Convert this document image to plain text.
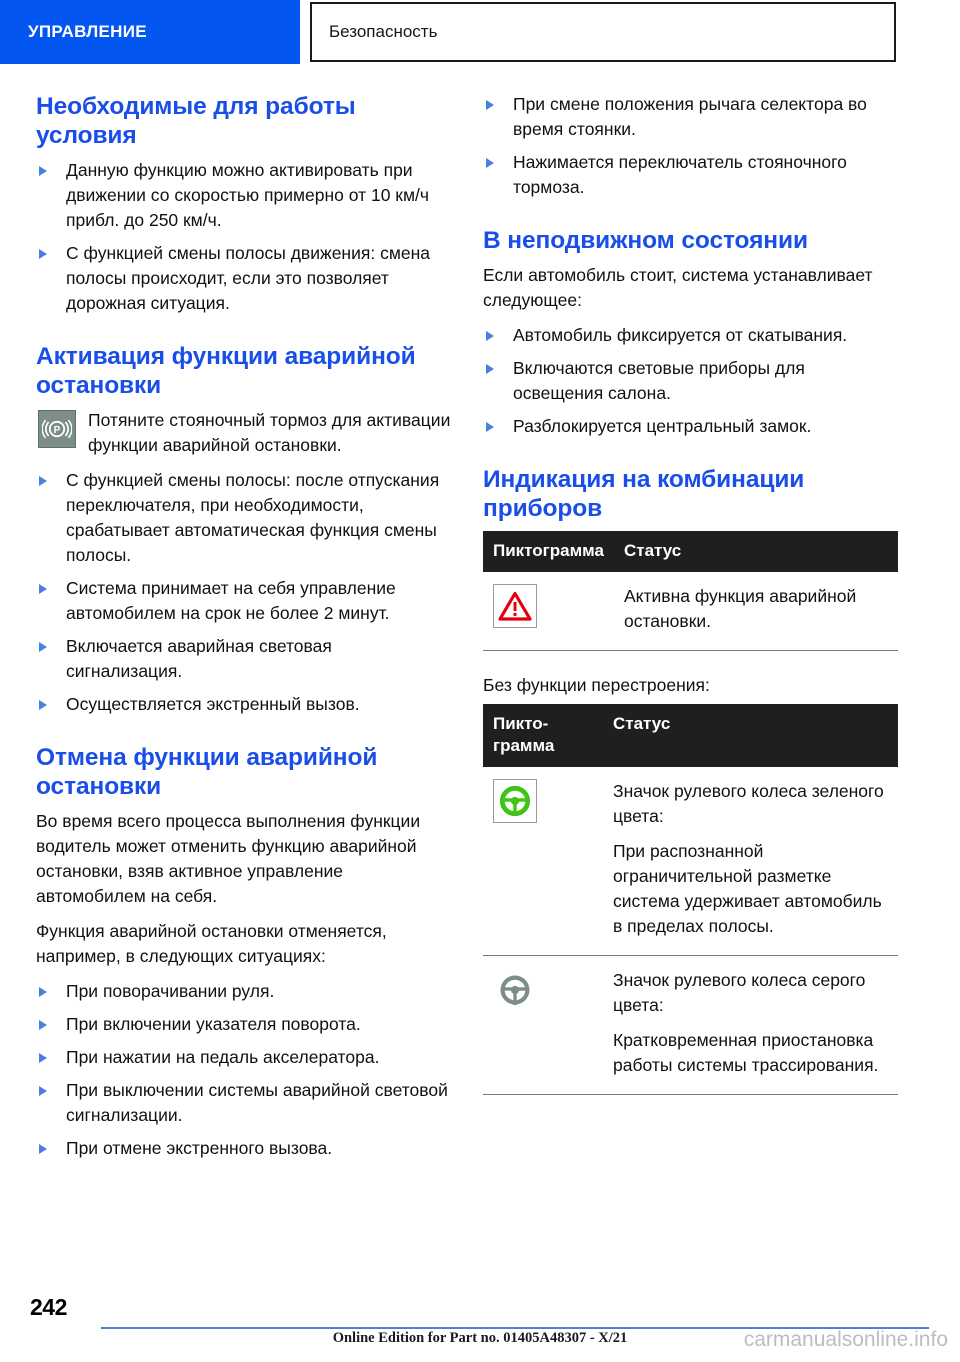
УПРАВЛЕНИЕ	Безопасность
Необходимые для работы условия
Данную функцию можно активировать при движении со скоростью примерно от 10 км/ч прибл. до 250 км/ч.
С функцией смены полосы движения: смена полосы происходит, если это позволяет дорожная ситуация.
Активация функции аварийной остановки
P
Потяните стояночный тормоз для активации функции аварийной остановки.
С функцией смены полосы: после отпускания переключателя, при необходимости, срабатывает автоматическая функция смены полосы.
Система принимает на себя управление автомобилем на срок не более 2 минут.
Включается аварийная световая сигнализация.
Осуществляется экстренный вызов.
Отмена функции аварийной остановки

Во время всего процесса выполнения функции водитель может отменить функцию аварийной остановки, взяв активное управление автомобилем на себя.

Функция аварийной остановки отменяется, например, в следующих ситуациях:

При поворачивании руля.
При включении указателя поворота.
При нажатии на педаль акселератора.
При выключении системы аварийной световой сигнализации.
При отмене экстренного вызова.
При смене положения рычага селектора во время стоянки.
Нажимается переключатель стояночного тормоза.
В неподвижном состоянии

Если автомобиль стоит, система устанавливает следующее:

Автомобиль фиксируется от скатывания.
Включаются световые приборы для освещения салона.
Разблокируется центральный замок.
Индикация на комбинации приборов
Пиктограмма	Статус

Активна функция аварийной остановки.

Без функции перестроения:

Пикто-
грамма	Статус

Значок рулевого колеса зеленого цвета:

При распознанной ограничительной разметке система удерживает автомобиль в пределах полосы.

Значок рулевого колеса серого цвета:

Кратковременная приостановка работы системы трассирования.

242
Online Edition for Part no. 01405A48307 - X/21	carmanualsonline.info
